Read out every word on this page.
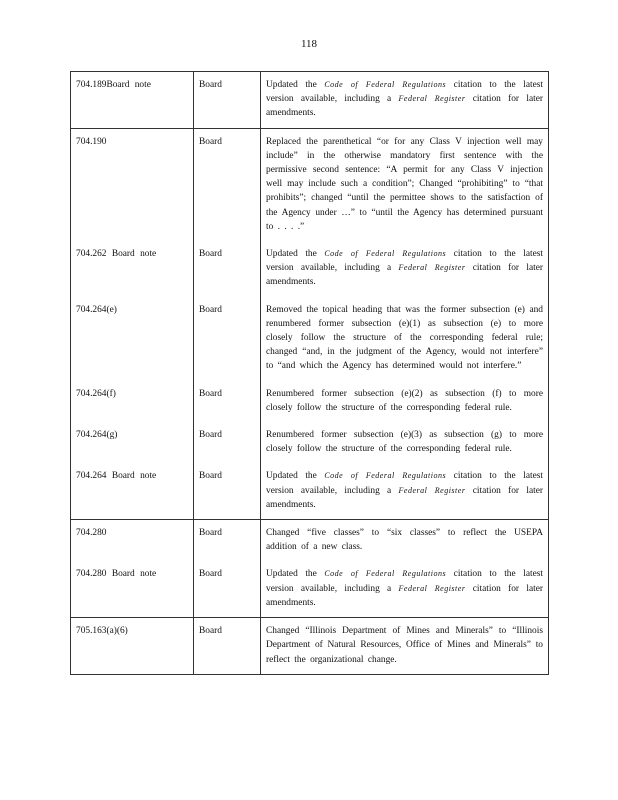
118
704.189Board note	Board	Updated the Code of Federal Regulations citation to the latest version available, including a Federal Register citation for later amendments.
704.190	Board	Replaced the parenthetical “or for any Class V injection well may include” in the otherwise mandatory first sentence with the permissive second sentence: “A permit for any Class V injection well may include such a condition”; Changed “prohibiting” to “that prohibits”; changed “until the permittee shows to the satisfaction of the Agency under …” to “until the Agency has determined pursuant to . . . .”
704.262 Board note	Board	Updated the Code of Federal Regulations citation to the latest version available, including a Federal Register citation for later amendments.
704.264(e)	Board	Removed the topical heading that was the former subsection (e) and renumbered former subsection (e)(1) as subsection (e) to more closely follow the structure of the corresponding federal rule; changed “and, in the judgment of the Agency, would not interfere” to “and which the Agency has determined would not interfere.”
704.264(f)	Board	Renumbered former subsection (e)(2) as subsection (f) to more closely follow the structure of the corresponding federal rule.
704.264(g)	Board	Renumbered former subsection (e)(3) as subsection (g) to more closely follow the structure of the corresponding federal rule.
704.264 Board note	Board	Updated the Code of Federal Regulations citation to the latest version available, including a Federal Register citation for later amendments.
704.280	Board	Changed “five classes” to “six classes” to reflect the USEPA addition of a new class.
704.280 Board note	Board	Updated the Code of Federal Regulations citation to the latest version available, including a Federal Register citation for later amendments.
705.163(a)(6)	Board	Changed “Illinois Department of Mines and Minerals” to “Illinois Department of Natural Resources, Office of Mines and Minerals” to reflect the organizational change.
